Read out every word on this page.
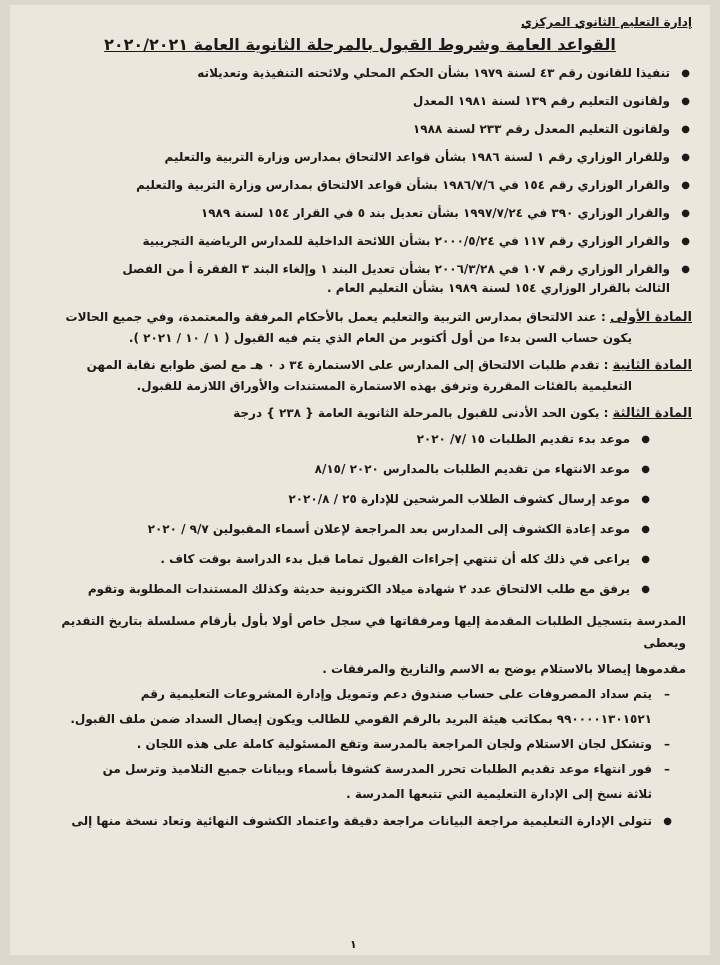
إدارة التعليم الثانوي المركزي
القواعد العامة وشروط القبول بالمرحلة الثانوية العامة ٢٠٢٠/٢٠٢١
● تنفيذا للقانون رقم ٤٣ لسنة ١٩٧٩ بشأن الحكم المحلي ولائحته التنفيذية وتعديلاته
● ولقانون التعليم رقم ١٣٩ لسنة ١٩٨١ المعدل
● ولقانون التعليم المعدل رقم ٢٣٣ لسنة ١٩٨٨
● وللقرار الوزاري رقم ١ لسنة ١٩٨٦ بشأن قواعد الالتحاق بمدارس وزارة التربية والتعليم
● والقرار الوزاري رقم ١٥٤ في ١٩٨٦/٧/٦ بشأن قواعد الالتحاق بمدارس وزارة التربية والتعليم
● والقرار الوزاري ٣٩٠ في ١٩٩٧/٧/٢٤ بشأن تعديل بند ٥ في القرار ١٥٤ لسنة ١٩٨٩
● والقرار الوزاري رقم ١١٧ في ٢٠٠٠/٥/٢٤ بشأن اللائحة الداخلية للمدارس الرياضية التجريبية
● والقرار الوزاري رقم ١٠٧ في ٢٠٠٦/٣/٢٨ بشأن تعديل البند ١ وإلغاء البند ٣ الفقرة أ من الفصل
الثالث بالقرار الوزاري ١٥٤ لسنة ١٩٨٩ بشأن التعليم العام .
المادة الأولى : عند الالتحاق بمدارس التربية والتعليم يعمل بالأحكام المرفقة والمعتمدة، وفي جميع الحالات
يكون حساب السن بدءا من أول أكتوبر من العام الذي يتم فيه القبول ( ١ / ١٠ / ٢٠٢١ ).
المادة الثانية : تقدم طلبات الالتحاق إلى المدارس على الاستمارة ٣٤ د ٠ هـ مع لصق طوابع نقابة المهن
التعليمية بالفئات المقررة وترفق بهذه الاستمارة المستندات والأوراق اللازمة للقبول.
المادة الثالثة : يكون الحد الأدنى للقبول بالمرحلة الثانوية العامة { ٢٣٨ } درجة
● موعد بدء تقديم الطلبات ١٥ /٧/ ٢٠٢٠
● موعد الانتهاء من تقديم الطلبات بالمدارس ٢٠٢٠ /٨/١٥
● موعد إرسال كشوف الطلاب المرشحين للإدارة ٢٥ / ٢٠٢٠/٨
● موعد إعادة الكشوف إلى المدارس بعد المراجعة لإعلان أسماء المقبولين ٩/٧ / ٢٠٢٠
● يراعى في ذلك كله أن تنتهي إجراءات القبول تماما قبل بدء الدراسة بوقت كاف .
● يرفق مع طلب الالتحاق عدد ٢ شهادة ميلاد الكترونية حديثة وكذلك المستندات المطلوبة وتقوم
المدرسة بتسجيل الطلبات المقدمة إليها ومرفقاتها في سجل خاص أولا بأول بأرقام مسلسلة بتاريخ التقديم ويعطى
مقدموها إيصالا بالاستلام يوضح به الاسم والتاريخ والمرفقات .
– يتم سداد المصروفات على حساب صندوق دعم وتمويل وإدارة المشروعات التعليمية رقم
٩٩٠٠٠٠١٣٠١٥٢١ بمكاتب هيئة البريد بالرقم القومي للطالب ويكون إيصال السداد ضمن ملف القبول.
– وتشكل لجان الاستلام ولجان المراجعة بالمدرسة وتقع المسئولية كاملة على هذه اللجان .
– فور انتهاء موعد تقديم الطلبات تحرر المدرسة كشوفا بأسماء وبيانات جميع التلاميذ وترسل من
ثلاثة نسخ إلى الإدارة التعليمية التي تتبعها المدرسة .
● تتولى الإدارة التعليمية مراجعة البيانات مراجعة دقيقة واعتماد الكشوف النهائية وتعاد نسخة منها إلى
١
